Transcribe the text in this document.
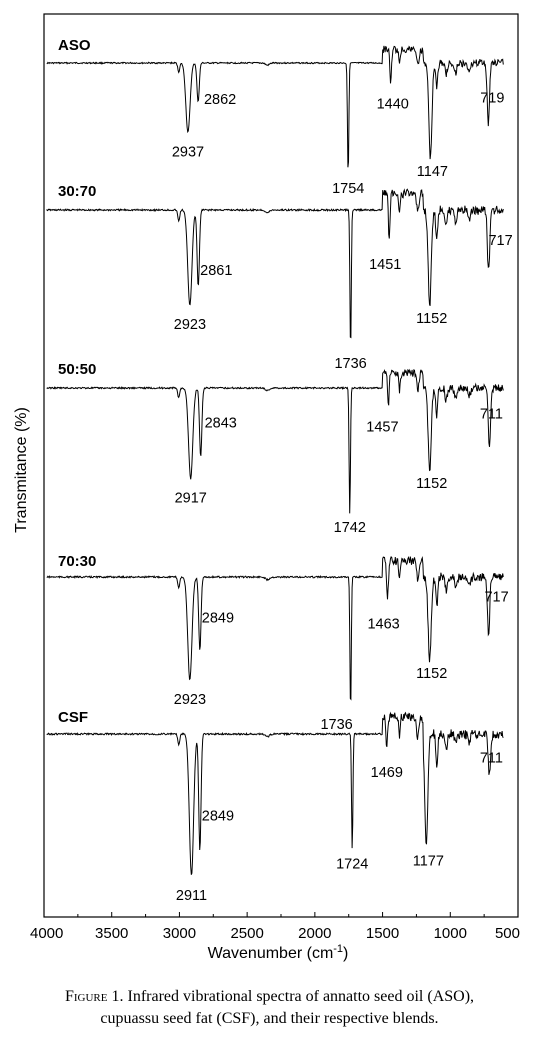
2937
2862
1754
1440
1147
719
2923
2861
1736
1451
1152
717
2917
2843
1742
1457
1152
711
2923
2849
1736
1463
1152
717
2911
2849
1724
1469
1177
711
ASO
30:70
50:50
70:30
CSF
4000 3500 3000 2500 2000 1500 1000 500
Wavenumber $(cm^{-1})$
Transmitance (%)
Figure 1. Infrared vibrational spectra of annatto seed oil (ASO),
cupuassu seed fat (CSF), and their respective blends.
